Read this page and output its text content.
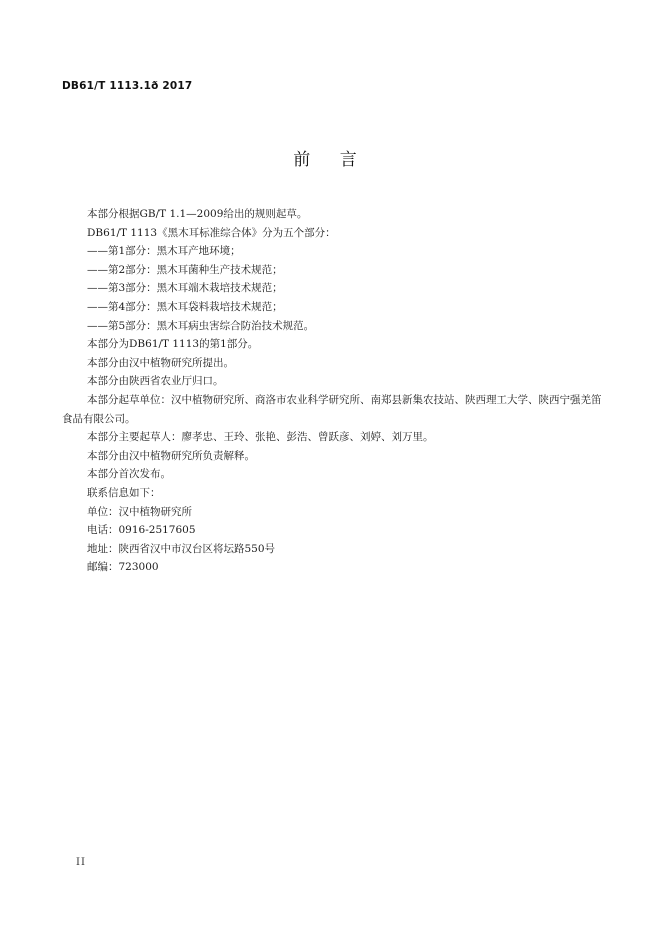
DB61/T 1113.1ð 2017
前 言

本部分根据GB/T 1.1—2009给出的规则起草。

DB61/T 1113《黑木耳标准综合体》分为五个部分：

——第1部分：黑木耳产地环境；

——第2部分：黑木耳菌种生产技术规范；

——第3部分：黑木耳端木栽培技术规范；

——第4部分：黑木耳袋料栽培技术规范；

——第5部分：黑木耳病虫害综合防治技术规范。

本部分为DB61/T 1113的第1部分。

本部分由汉中植物研究所提出。

本部分由陕西省农业厅归口。

本部分起草单位：汉中植物研究所、商洛市农业科学研究所、南郑县新集农技站、陕西理工大学、陕西宁强羌笛食品有限公司。

本部分主要起草人：廖孝忠、王玲、张艳、彭浩、曾跃彦、刘婷、刘万里。

本部分由汉中植物研究所负责解释。

本部分首次发布。

联系信息如下：

单位：汉中植物研究所

电话：0916-2517605

地址：陕西省汉中市汉台区将坛路550号

邮编：723000

II
